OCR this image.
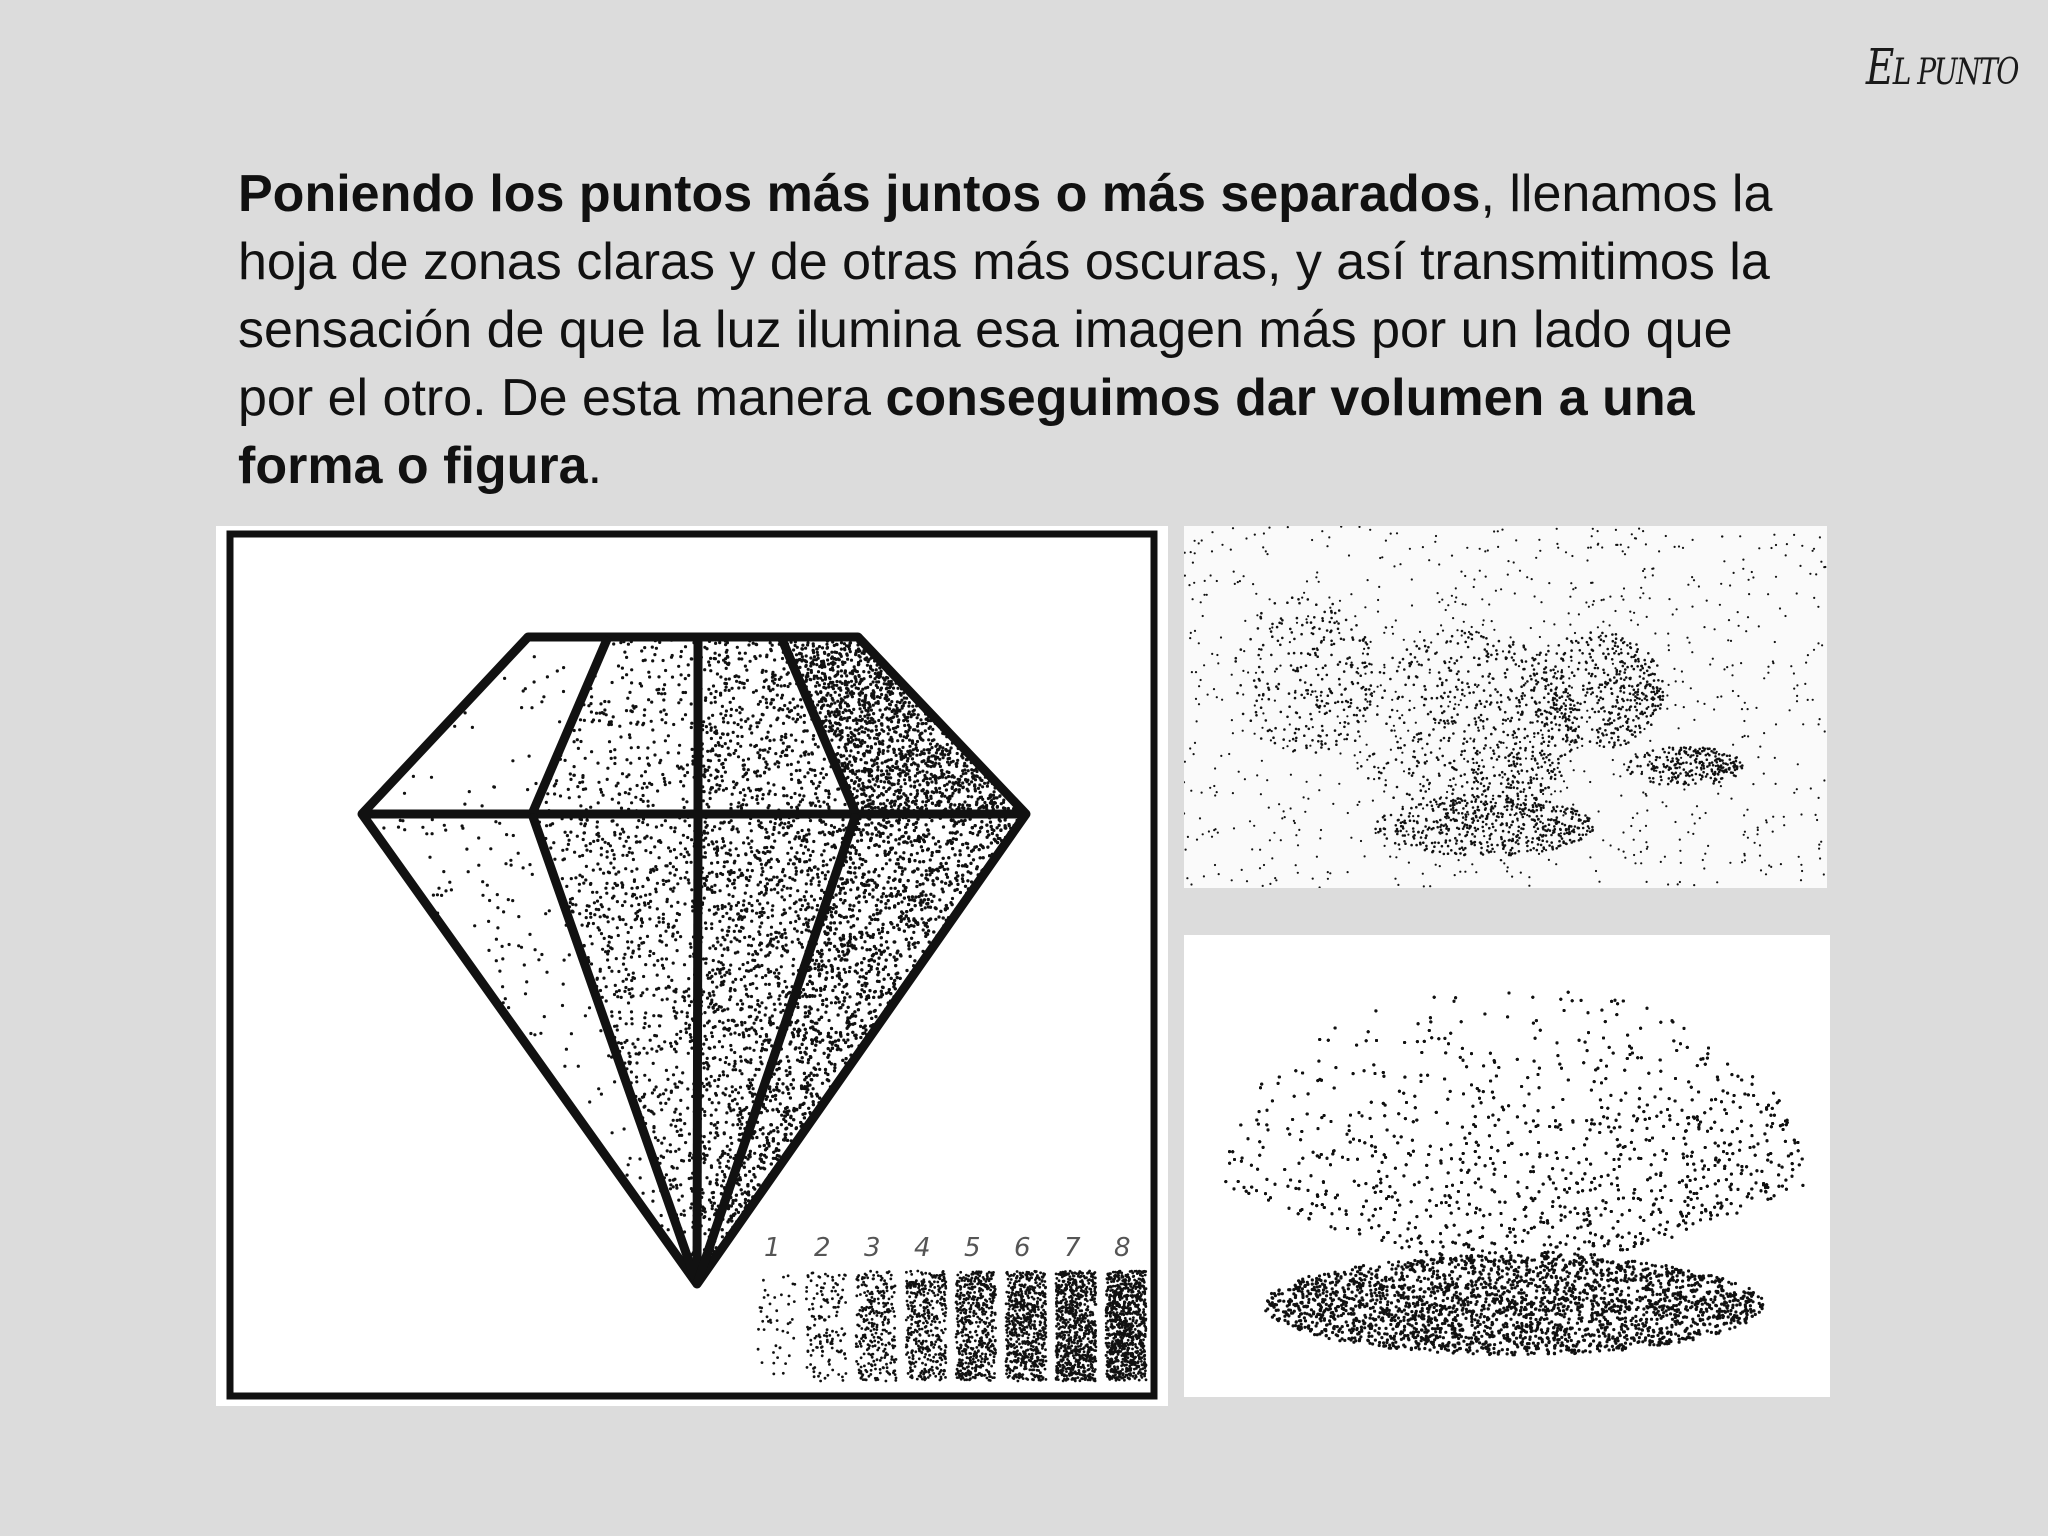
EL PUNTO
Poniendo los puntos más juntos o más separados, llenamos la hoja de zonas claras y de otras más oscuras, y así transmitimos la sensación de que la luz ilumina esa imagen más por un lado que por el otro. De esta manera conseguimos dar volumen a una forma o figura.
1 2 3 4 5 6 7 8
